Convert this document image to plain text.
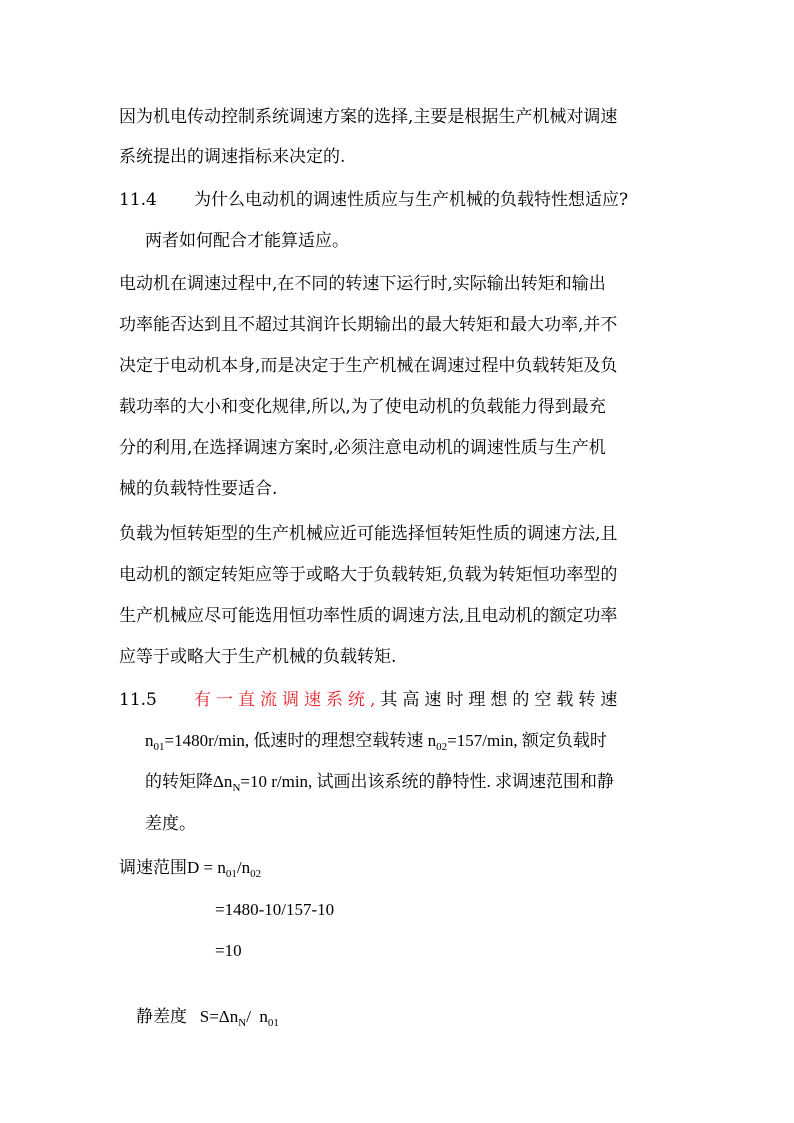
因为机电传动控制系统调速方案的选择,主要是根据生产机械对调速
系统提出的调速指标来决定的.
11.4 为什么电动机的调速性质应与生产机械的负载特性想适应?
两者如何配合才能算适应。
电动机在调速过程中,在不同的转速下运行时,实际输出转矩和输出
功率能否达到且不超过其润许长期输出的最大转矩和最大功率,并不
决定于电动机本身,而是决定于生产机械在调速过程中负载转矩及负
载功率的大小和变化规律,所以,为了使电动机的负载能力得到最充
分的利用,在选择调速方案时,必须注意电动机的调速性质与生产机
械的负载特性要适合.
负载为恒转矩型的生产机械应近可能选择恒转矩性质的调速方法,且
电动机的额定转矩应等于或略大于负载转矩,负载为转矩恒功率型的
生产机械应尽可能选用恒功率性质的调速方法,且电动机的额定功率
应等于或略大于生产机械的负载转矩.
11.5 有一直流调速系统,其高速时理想的空载转速
$n_{01}=1480r/\min$, 低速时的理想空载转速 $n_{02}=157/\min$, 额定负载时
的转矩降$\Delta n_N=10$ r/min, 试画出该系统的静特性. 求调速范围和静
差度。
调速范围$D = n_{01}/n_{02}$
=1480-10/157-10
=10

静差度   $S=\Delta n_N/$  $n_{01}$
